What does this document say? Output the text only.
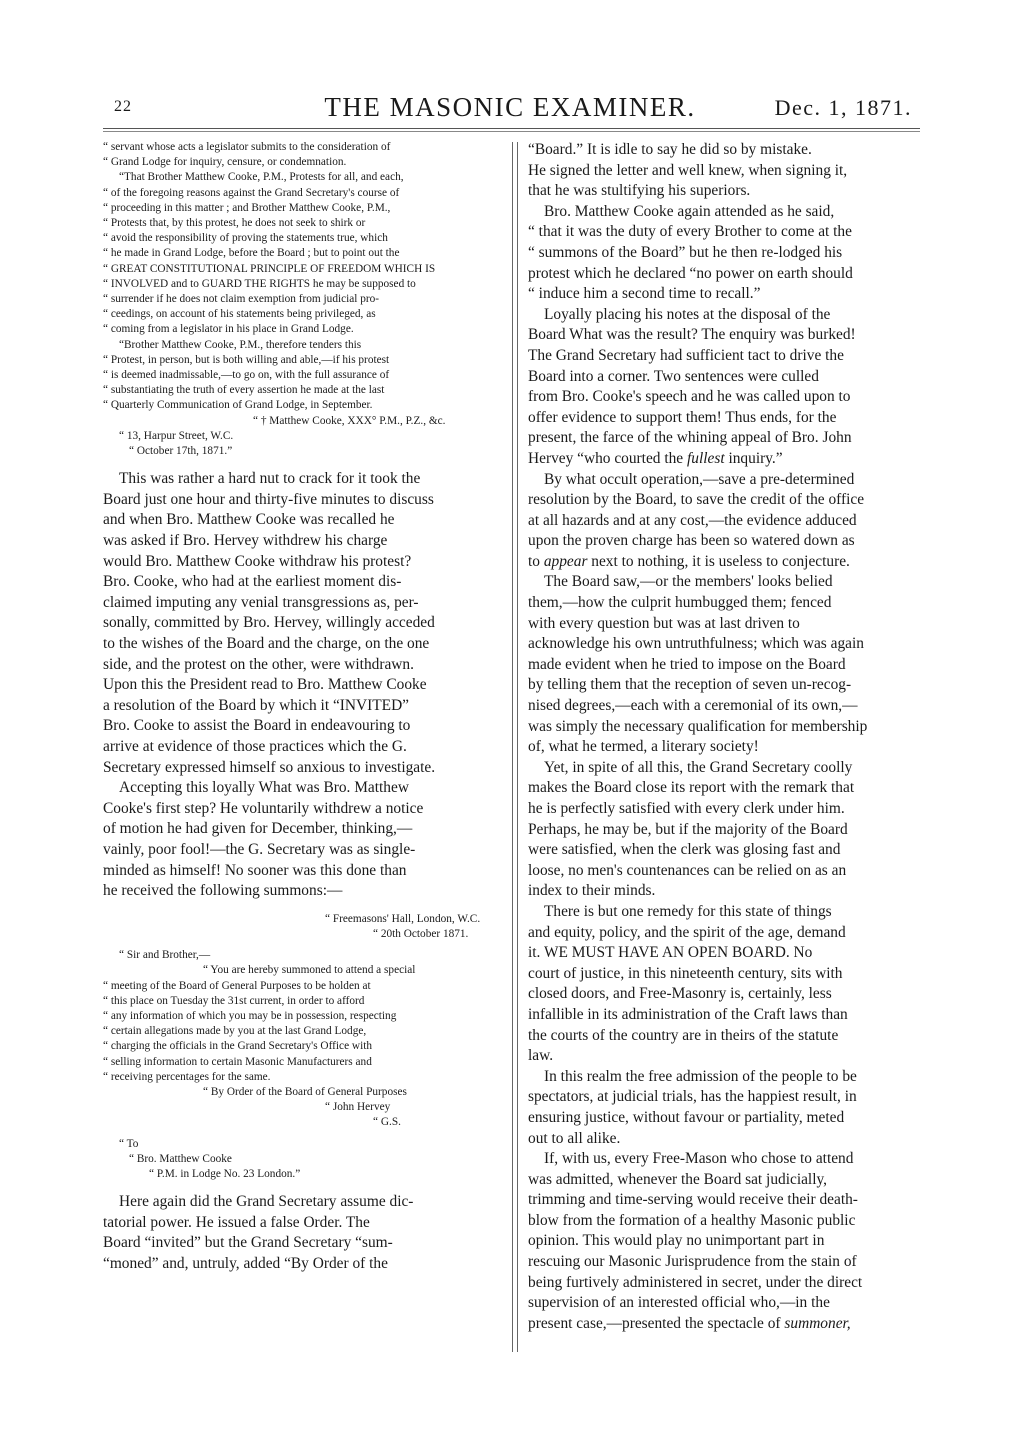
22	THE MASONIC EXAMINER.	Dec. 1, 1871.

“ servant whose acts a legislator submits to the consideration of

“ Grand Lodge for inquiry, censure, or condemnation.

“That Brother Matthew Cooke, P.M., Protests for all, and each,

“ of the foregoing reasons against the Grand Secretary's course of

“ proceeding in this matter ; and Brother Matthew Cooke, P.M.,

“ Protests that, by this protest, he does not seek to shirk or

“ avoid the responsibility of proving the statements true, which

“ he made in Grand Lodge, before the Board ; but to point out the

“ GREAT CONSTITUTIONAL PRINCIPLE OF FREEDOM WHICH IS

“ INVOLVED and to GUARD THE RIGHTS he may be supposed to

“ surrender if he does not claim exemption from judicial pro-

“ ceedings, on account of his statements being privileged, as

“ coming from a legislator in his place in Grand Lodge.

“Brother Matthew Cooke, P.M., therefore tenders this

“ Protest, in person, but is both willing and able,—if his protest

“ is deemed inadmissable,—to go on, with the full assurance of

“ substantiating the truth of every assertion he made at the last

“ Quarterly Communication of Grand Lodge, in September.

“ † Matthew Cooke, XXX° P.M., P.Z., &c.

“ 13, Harpur Street, W.C.

“ October 17th, 1871.”

This was rather a hard nut to crack for it took the

Board just one hour and thirty-five minutes to discuss

and when Bro. Matthew Cooke was recalled he

was asked if Bro. Hervey withdrew his charge

would Bro. Matthew Cooke withdraw his protest?

Bro. Cooke, who had at the earliest moment dis-

claimed imputing any venial transgressions as, per-

sonally, committed by Bro. Hervey, willingly acceded

to the wishes of the Board and the charge, on the one

side, and the protest on the other, were withdrawn.

Upon this the President read to Bro. Matthew Cooke

a resolution of the Board by which it “INVITED”

Bro. Cooke to assist the Board in endeavouring to

arrive at evidence of those practices which the G.

Secretary expressed himself so anxious to investigate.

Accepting this loyally What was Bro. Matthew

Cooke's first step? He voluntarily withdrew a notice

of motion he had given for December, thinking,—

vainly, poor fool!—the G. Secretary was as single-

minded as himself! No sooner was this done than

he received the following summons:—

“ Freemasons' Hall, London, W.C.

“ 20th October 1871.

“ Sir and Brother,—

“ You are hereby summoned to attend a special

“ meeting of the Board of General Purposes to be holden at

“ this place on Tuesday the 31st current, in order to afford

“ any information of which you may be in possession, respecting

“ certain allegations made by you at the last Grand Lodge,

“ charging the officials in the Grand Secretary's Office with

“ selling information to certain Masonic Manufacturers and

“ receiving percentages for the same.

“ By Order of the Board of General Purposes

“ John Hervey

“ G.S.

“ To

“ Bro. Matthew Cooke

“ P.M. in Lodge No. 23 London.”

Here again did the Grand Secretary assume dic-

tatorial power. He issued a false Order. The

Board “invited” but the Grand Secretary “sum-

“moned” and, untruly, added “By Order of the

“Board.” It is idle to say he did so by mistake.

He signed the letter and well knew, when signing it,

that he was stultifying his superiors.

Bro. Matthew Cooke again attended as he said,

“ that it was the duty of every Brother to come at the

“ summons of the Board” but he then re-lodged his

protest which he declared “no power on earth should

“ induce him a second time to recall.”

Loyally placing his notes at the disposal of the

Board What was the result? The enquiry was burked!

The Grand Secretary had sufficient tact to drive the

Board into a corner. Two sentences were culled

from Bro. Cooke's speech and he was called upon to

offer evidence to support them! Thus ends, for the

present, the farce of the whining appeal of Bro. John

Hervey “who courted the fullest inquiry.”

By what occult operation,—save a pre-determined

resolution by the Board, to save the credit of the office

at all hazards and at any cost,—the evidence adduced

upon the proven charge has been so watered down as

to appear next to nothing, it is useless to conjecture.

The Board saw,—or the members' looks belied

them,—how the culprit humbugged them; fenced

with every question but was at last driven to

acknowledge his own untruthfulness; which was again

made evident when he tried to impose on the Board

by telling them that the reception of seven un-recog-

nised degrees,—each with a ceremonial of its own,—

was simply the necessary qualification for membership

of, what he termed, a literary society!

Yet, in spite of all this, the Grand Secretary coolly

makes the Board close its report with the remark that

he is perfectly satisfied with every clerk under him.

Perhaps, he may be, but if the majority of the Board

were satisfied, when the clerk was glosing fast and

loose, no men's countenances can be relied on as an

index to their minds.

There is but one remedy for this state of things

and equity, policy, and the spirit of the age, demand

it. WE MUST HAVE AN OPEN BOARD. No

court of justice, in this nineteenth century, sits with

closed doors, and Free-Masonry is, certainly, less

infallible in its administration of the Craft laws than

the courts of the country are in theirs of the statute

law.

In this realm the free admission of the people to be

spectators, at judicial trials, has the happiest result, in

ensuring justice, without favour or partiality, meted

out to all alike.

If, with us, every Free-Mason who chose to attend

was admitted, whenever the Board sat judicially,

trimming and time-serving would receive their death-

blow from the formation of a healthy Masonic public

opinion. This would play no unimportant part in

rescuing our Masonic Jurisprudence from the stain of

being furtively administered in secret, under the direct

supervision of an interested official who,—in the

present case,—presented the spectacle of summoner,
